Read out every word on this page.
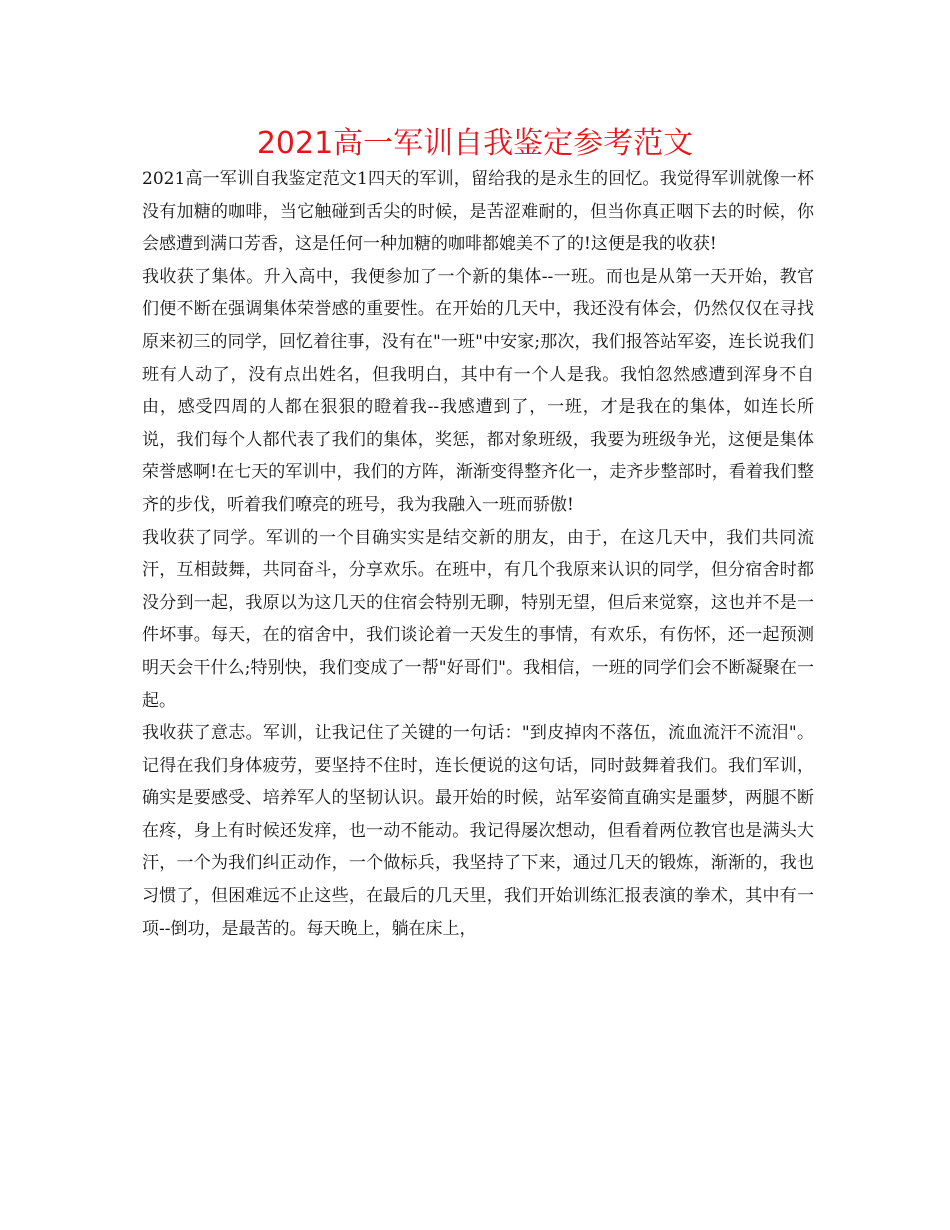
2021高一军训自我鉴定参考范文

2021高一军训自我鉴定范文1四天的军训，留给我的是永生的回忆。我觉得军训就像一杯没有加糖的咖啡，当它触碰到舌尖的时候，是苦涩难耐的，但当你真正咽下去的时候，你会感遭到满口芳香，这是任何一种加糖的咖啡都媲美不了的!这便是我的收获!

我收获了集体。升入高中，我便参加了一个新的集体--一班。而也是从第一天开始，教官们便不断在强调集体荣誉感的重要性。在开始的几天中，我还没有体会，仍然仅仅在寻找原来初三的同学，回忆着往事，没有在"一班"中安家;那次，我们报答站军姿，连长说我们班有人动了，没有点出姓名，但我明白，其中有一个人是我。我怕忽然感遭到浑身不自由，感受四周的人都在狠狠的瞪着我--我感遭到了，一班，才是我在的集体，如连长所说，我们每个人都代表了我们的集体，奖惩，都对象班级，我要为班级争光，这便是集体荣誉感啊!在七天的军训中，我们的方阵，渐渐变得整齐化一，走齐步整部时，看着我们整齐的步伐，听着我们嘹亮的班号，我为我融入一班而骄傲!

我收获了同学。军训的一个目确实实是结交新的朋友，由于，在这几天中，我们共同流汗，互相鼓舞，共同奋斗，分享欢乐。在班中，有几个我原来认识的同学，但分宿舍时都没分到一起，我原以为这几天的住宿会特别无聊，特别无望，但后来觉察，这也并不是一件坏事。每天，在的宿舍中，我们谈论着一天发生的事情，有欢乐，有伤怀，还一起预测明天会干什么;特别快，我们变成了一帮"好哥们"。我相信，一班的同学们会不断凝聚在一起。

我收获了意志。军训，让我记住了关键的一句话："到皮掉肉不落伍，流血流汗不流泪"。记得在我们身体疲劳，要坚持不住时，连长便说的这句话，同时鼓舞着我们。我们军训，确实是要感受、培养军人的坚韧认识。最开始的时候，站军姿简直确实是噩梦，两腿不断在疼，身上有时候还发痒，也一动不能动。我记得屡次想动，但看着两位教官也是满头大汗，一个为我们纠正动作，一个做标兵，我坚持了下来，通过几天的锻炼，渐渐的，我也习惯了，但困难远不止这些，在最后的几天里，我们开始训练汇报表演的拳术，其中有一项--倒功，是最苦的。每天晚上，躺在床上，
